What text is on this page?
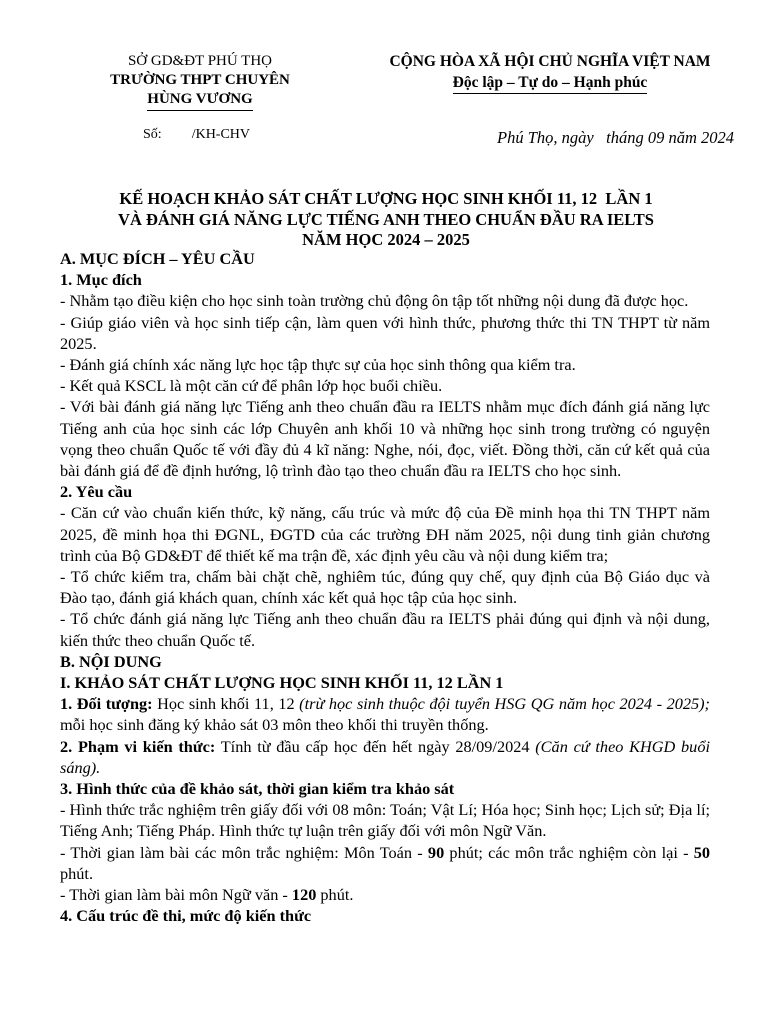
SỞ GD&ĐT PHÚ THỌ
TRƯỜNG THPT CHUYÊN
HÙNG VƯƠNG
CỘNG HÒA XÃ HỘI CHỦ NGHĨA VIỆT NAM
Độc lập – Tự do – Hạnh phúc
Số: /KH-CHV	Phú Thọ, ngày   tháng 09 năm 2024
KẾ HOẠCH KHẢO SÁT CHẤT LƯỢNG HỌC SINH KHỐI 11, 12  LẦN 1
VÀ ĐÁNH GIÁ NĂNG LỰC TIẾNG ANH THEO CHUẨN ĐẦU RA IELTS
NĂM HỌC 2024 – 2025

A. MỤC ĐÍCH – YÊU CẦU

1. Mục đích

- Nhằm tạo điều kiện cho học sinh toàn trường chủ động ôn tập tốt những nội dung đã được học.

- Giúp giáo viên và học sinh tiếp cận, làm quen với hình thức, phương thức thi TN THPT từ năm 2025.

- Đánh giá chính xác năng lực học tập thực sự của học sinh thông qua kiểm tra.

- Kết quả KSCL là một căn cứ để phân lớp học buổi chiều.

- Với bài đánh giá năng lực Tiếng anh theo chuẩn đầu ra IELTS nhằm mục đích đánh giá năng lực Tiếng anh của học sinh các lớp Chuyên anh khối 10 và những học sinh trong trường có nguyện vọng theo chuẩn Quốc tế với đầy đủ 4 kĩ năng: Nghe, nói, đọc, viết. Đồng thời, căn cứ kết quả của bài đánh giá để đề định hướng, lộ trình đào tạo theo chuẩn đầu ra IELTS cho học sinh.

2. Yêu cầu

- Căn cứ vào chuẩn kiến thức, kỹ năng, cấu trúc và mức độ của Đề minh họa thi TN THPT năm 2025, đề minh họa thi ĐGNL, ĐGTD của các trường ĐH năm 2025, nội dung tinh giản chương trình của Bộ GD&ĐT để thiết kế ma trận đề, xác định yêu cầu và nội dung kiểm tra;

- Tổ chức kiểm tra, chấm bài chặt chẽ, nghiêm túc, đúng quy chế, quy định của Bộ Giáo dục và Đào tạo, đánh giá khách quan, chính xác kết quả học tập của học sinh.

- Tổ chức đánh giá năng lực Tiếng anh theo chuẩn đầu ra IELTS phải đúng qui định và nội dung, kiến thức theo chuẩn Quốc tế.

B. NỘI DUNG

I. KHẢO SÁT CHẤT LƯỢNG HỌC SINH KHỐI 11, 12 LẦN 1

1. Đối tượng: Học sinh khối 11, 12 (trừ học sinh thuộc đội tuyển HSG QG năm học 2024 - 2025); mỗi học sinh đăng ký khảo sát 03 môn theo khối thi truyền thống.

2. Phạm vi kiến thức: Tính từ đầu cấp học đến hết ngày 28/09/2024 (Căn cứ theo KHGD buổi sáng).

3. Hình thức của đề khảo sát, thời gian kiểm tra khảo sát

- Hình thức trắc nghiệm trên giấy đối với 08 môn: Toán; Vật Lí; Hóa học; Sinh học; Lịch sử; Địa lí; Tiếng Anh; Tiếng Pháp. Hình thức tự luận trên giấy đối với môn Ngữ Văn.

- Thời gian làm bài các môn trắc nghiệm: Môn Toán - 90 phút; các môn trắc nghiệm còn lại - 50 phút.

- Thời gian làm bài môn Ngữ văn - 120 phút.

4. Cấu trúc đề thi, mức độ kiến thức
